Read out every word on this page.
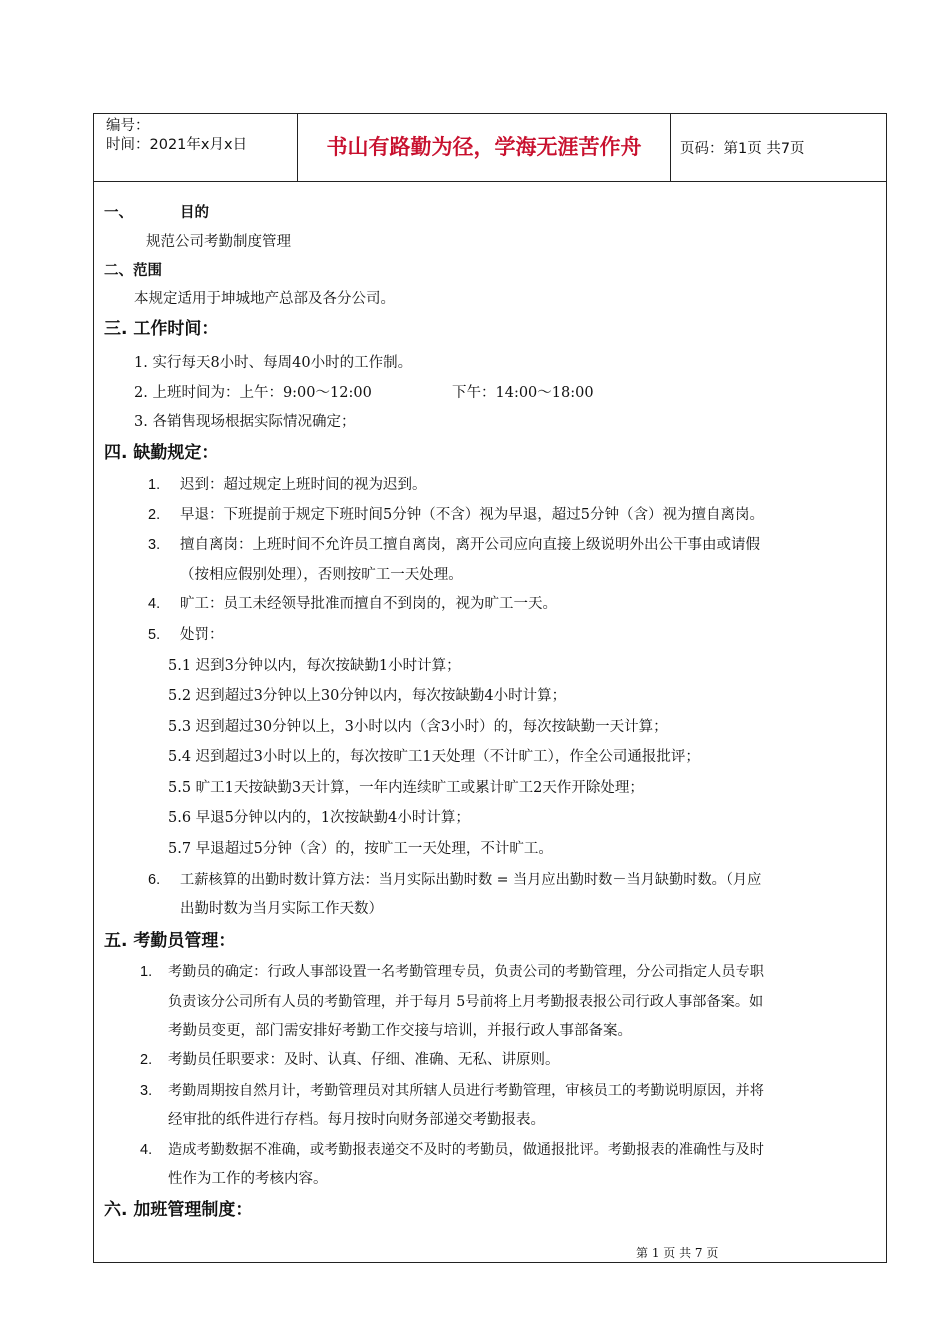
编号：
时间：2021年x月x日	书山有路勤为径，学海无涯苦作舟	页码：第1页 共7页
一、	目的
规范公司考勤制度管理
二、范围
本规定适用于坤城地产总部及各分公司。
三. 工作时间：
1. 实行每天8小时、每周40小时的工作制。
2. 上班时间为：上午：9:00～12:00	下午：14:00～18:00
3. 各销售现场根据实际情况确定；
四. 缺勤规定：
1. 迟到：超过规定上班时间的视为迟到。
2. 早退：下班提前于规定下班时间5分钟（不含）视为早退，超过5分钟（含）视为擅自离岗。
3. 擅自离岗：上班时间不允许员工擅自离岗，离开公司应向直接上级说明外出公干事由或请假
（按相应假别处理），否则按旷工一天处理。
4. 旷工：员工未经领导批准而擅自不到岗的，视为旷工一天。
5. 处罚：
5.1 迟到3分钟以内，每次按缺勤1小时计算；
5.2 迟到超过3分钟以上30分钟以内，每次按缺勤4小时计算；
5.3 迟到超过30分钟以上，3小时以内（含3小时）的，每次按缺勤一天计算；
5.4 迟到超过3小时以上的，每次按旷工1天处理（不计旷工），作全公司通报批评；
5.5 旷工1天按缺勤3天计算，一年内连续旷工或累计旷工2天作开除处理；
5.6 早退5分钟以内的，1次按缺勤4小时计算；
5.7 早退超过5分钟（含）的，按旷工一天处理，不计旷工。
6. 工薪核算的出勤时数计算方法：当月实际出勤时数 = 当月应出勤时数－当月缺勤时数。（月应
出勤时数为当月实际工作天数）
五. 考勤员管理：
1. 考勤员的确定：行政人事部设置一名考勤管理专员，负责公司的考勤管理，分公司指定人员专职
负责该分公司所有人员的考勤管理，并于每月 5号前将上月考勤报表报公司行政人事部备案。如
考勤员变更，部门需安排好考勤工作交接与培训，并报行政人事部备案。
2. 考勤员任职要求：及时、认真、仔细、准确、无私、讲原则。
3. 考勤周期按自然月计，考勤管理员对其所辖人员进行考勤管理，审核员工的考勤说明原因，并将
经审批的纸件进行存档。每月按时向财务部递交考勤报表。
4. 造成考勤数据不准确，或考勤报表递交不及时的考勤员，做通报批评。考勤报表的准确性与及时
性作为工作的考核内容。
六. 加班管理制度：
第 1 页 共 7 页
